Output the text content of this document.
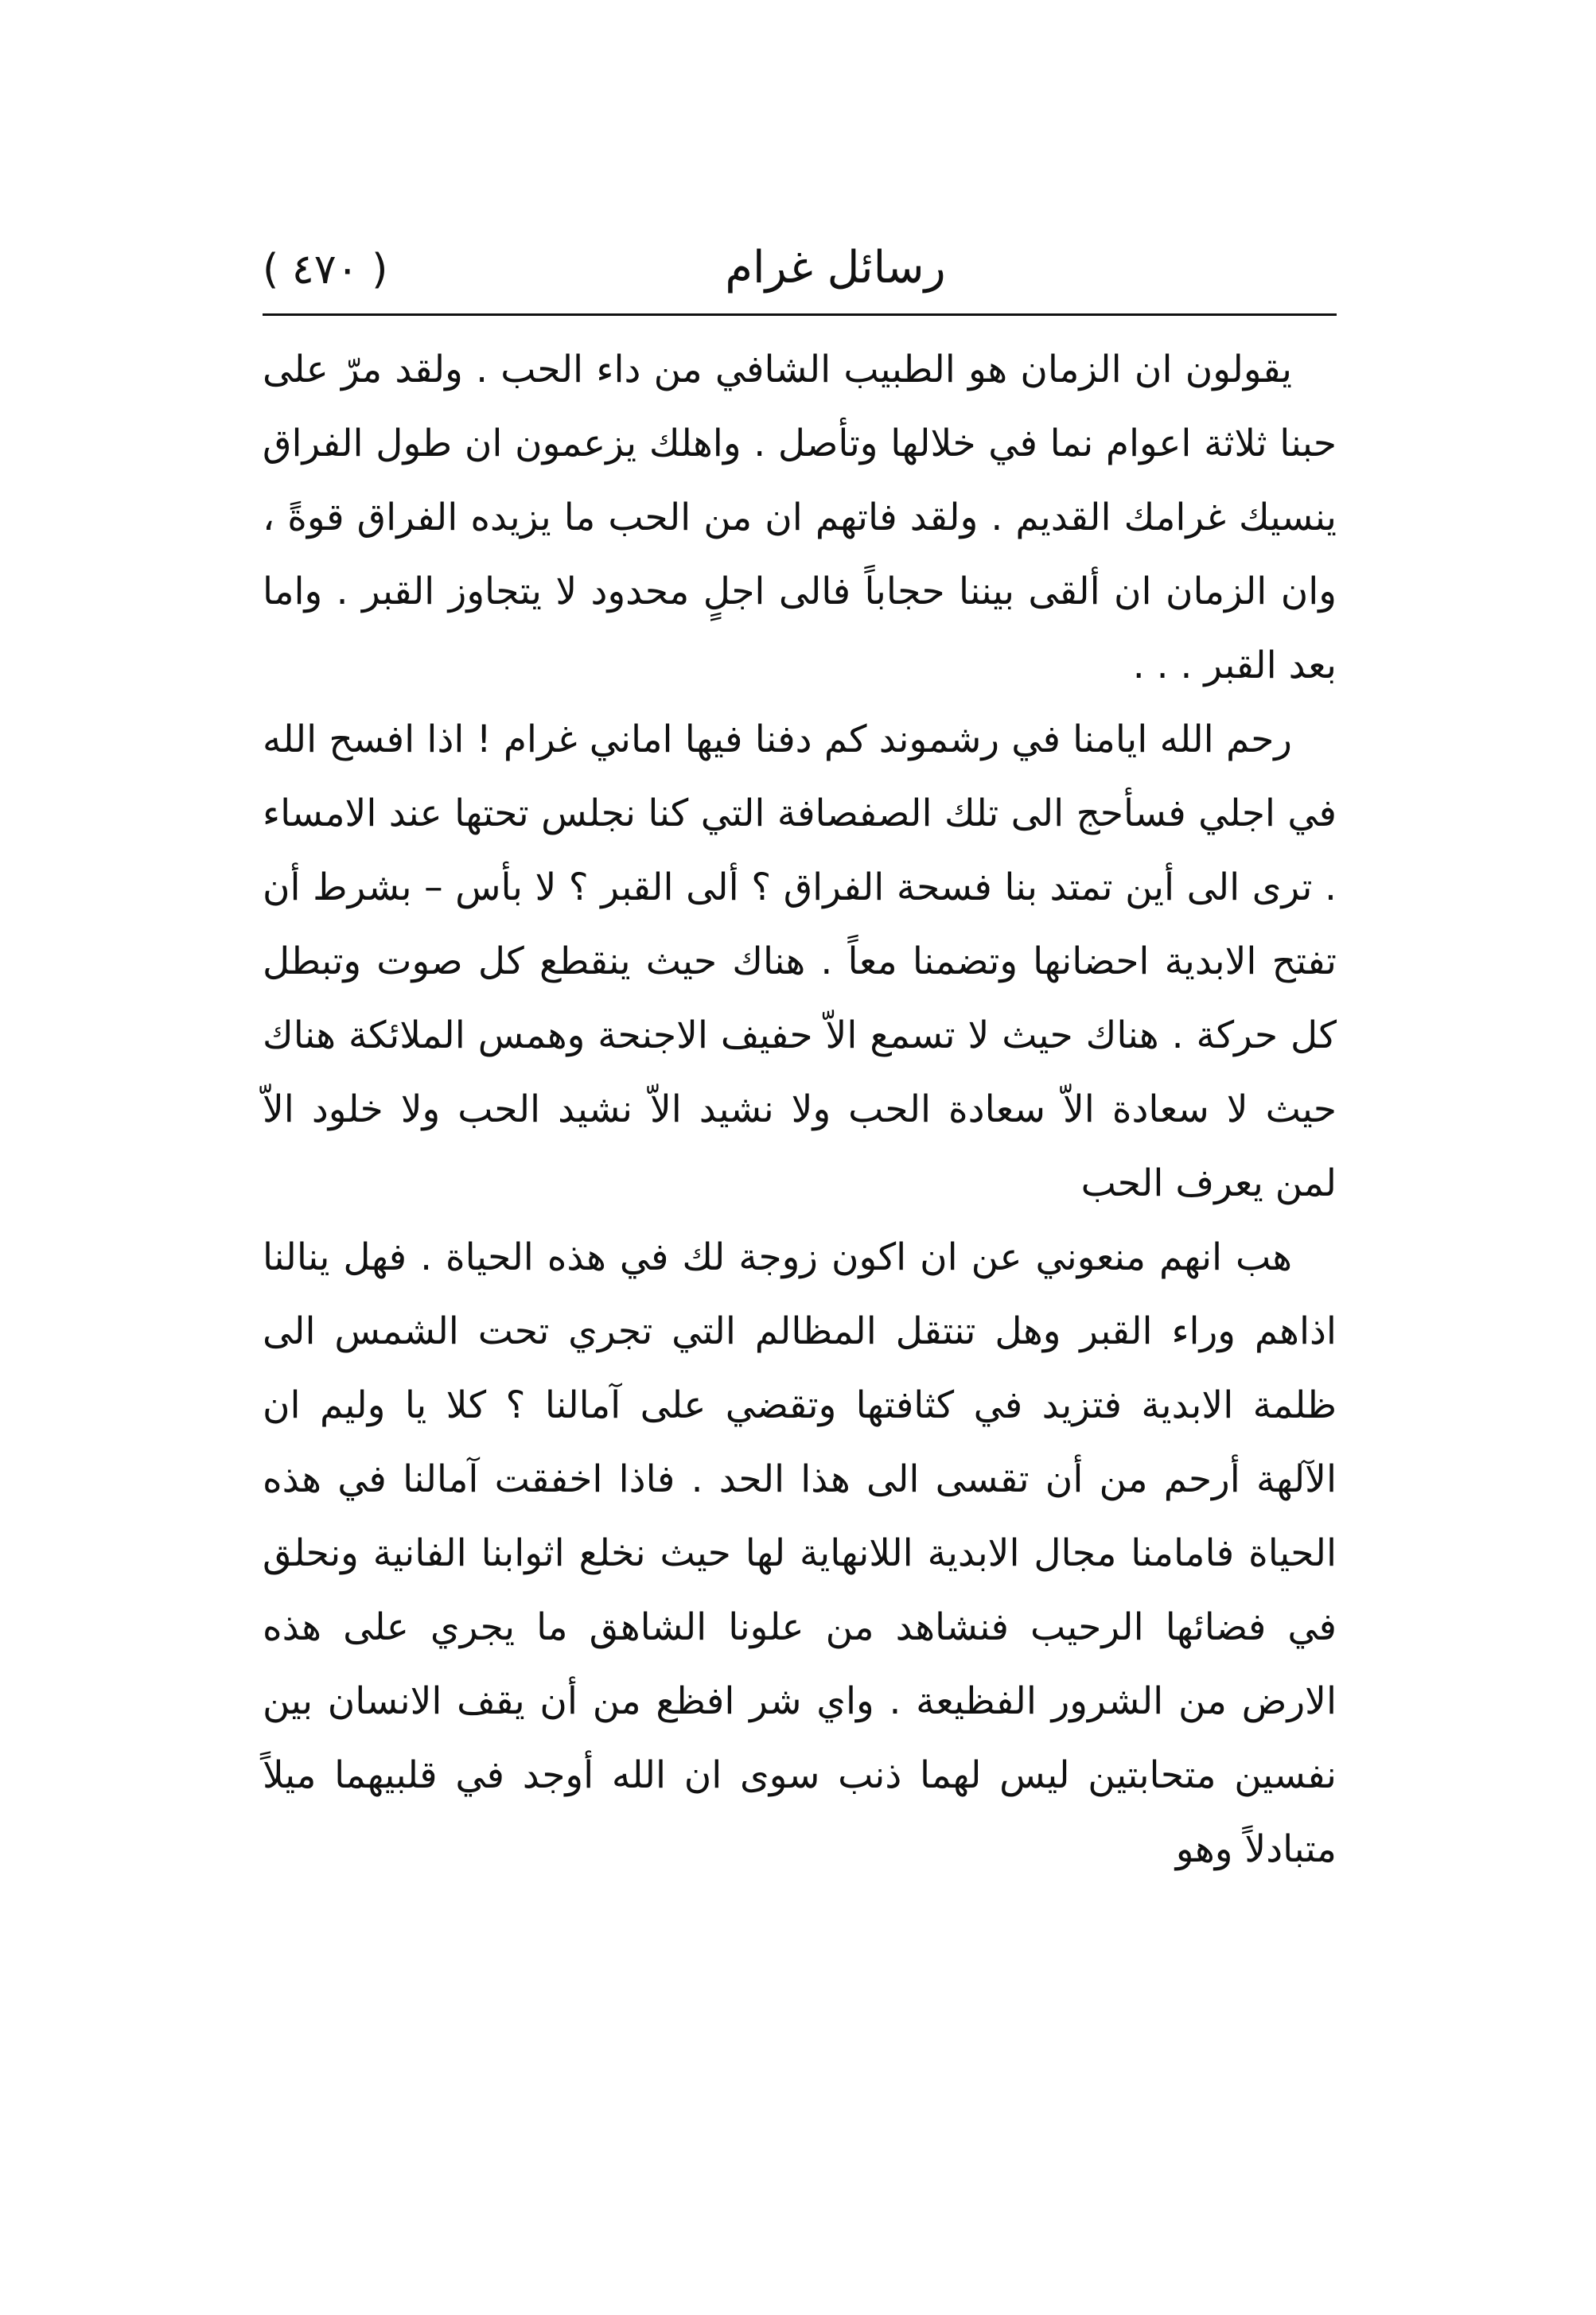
( ٤٧٠ )	رسائل غرام

يقولون ان الزمان هو الطبيب الشافي من داء الحب . ولقد مرّ على حبنا ثلاثة اعوام نما في خلالها وتأصل . واهلك يزعمون ان طول الفراق ينسيك غرامك القديم . ولقد فاتهم ان من الحب ما يزيده الفراق قوةً ، وان الزمان ان ألقى بيننا حجاباً فالى اجلٍ محدود لا يتجاوز القبر . واما بعد القبر . . .

رحم الله ايامنا في رشموند كم دفنا فيها اماني غرام ! اذا افسح الله في اجلي فسأحج الى تلك الصفصافة التي كنا نجلس تحتها عند الامساء . ترى الى أين تمتد بنا فسحة الفراق ؟ ألى القبر ؟ لا بأس – بشرط أن تفتح الابدية احضانها وتضمنا معاً . هناك حيث ينقطع كل صوت وتبطل كل حركة . هناك حيث لا تسمع الاّ حفيف الاجنحة وهمس الملائكة هناك حيث لا سعادة الاّ سعادة الحب ولا نشيد الاّ نشيد الحب ولا خلود الاّ لمن يعرف الحب

هب انهم منعوني عن ان اكون زوجة لك في هذه الحياة . فهل ينالنا اذاهم وراء القبر وهل تنتقل المظالم التي تجري تحت الشمس الى ظلمة الابدية فتزيد في كثافتها وتقضي على آمالنا ؟ كلا يا وليم ان الآلهة أرحم من أن تقسى الى هذا الحد . فاذا اخفقت آمالنا في هذه الحياة فامامنا مجال الابدية اللانهاية لها حيث نخلع اثوابنا الفانية ونحلق في فضائها الرحيب فنشاهد من علونا الشاهق ما يجري على هذه الارض من الشرور الفظيعة . واي شر افظع من أن يقف الانسان بين نفسين متحابتين ليس لهما ذنب سوى ان الله أوجد في قلبيهما ميلاً متبادلاً وهو
